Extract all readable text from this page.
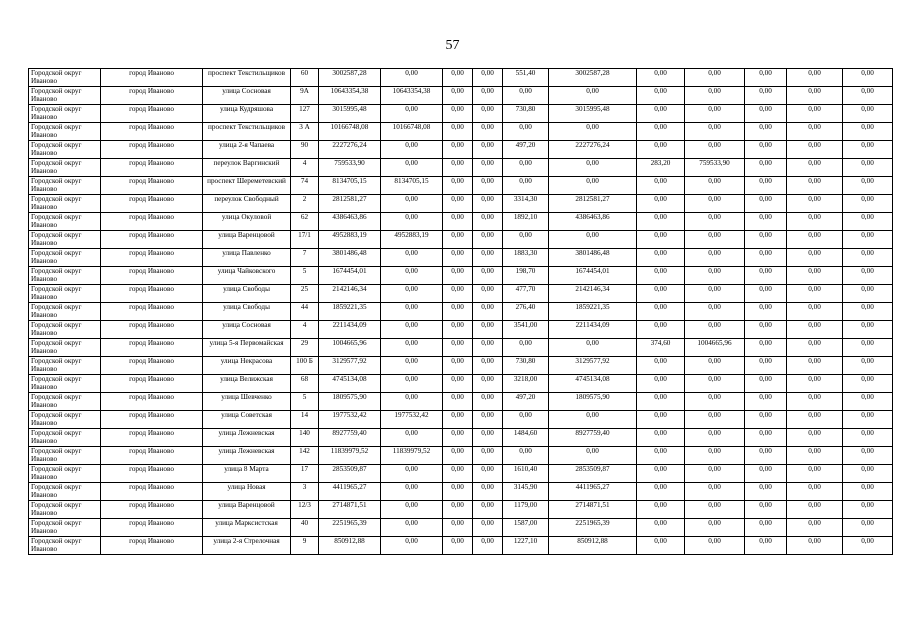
57
Городской округ Иваново	город Иваново	проспект Текстильщиков	60	3002587,28	0,00	0,00	0,00	551,40	3002587,28	0,00	0,00	0,00	0,00	0,00
Городской округ Иваново	город Иваново	улица Сосновая	9А	10643354,38	10643354,38	0,00	0,00	0,00	0,00	0,00	0,00	0,00	0,00	0,00
Городской округ Иваново	город Иваново	улица Кудряшова	127	3015995,48	0,00	0,00	0,00	730,80	3015995,48	0,00	0,00	0,00	0,00	0,00
Городской округ Иваново	город Иваново	проспект Текстильщиков	3 А	10166748,08	10166748,08	0,00	0,00	0,00	0,00	0,00	0,00	0,00	0,00	0,00
Городской округ Иваново	город Иваново	улица 2-я Чапаева	90	2227276,24	0,00	0,00	0,00	497,20	2227276,24	0,00	0,00	0,00	0,00	0,00
Городской округ Иваново	город Иваново	переулок Варгинский	4	759533,90	0,00	0,00	0,00	0,00	0,00	283,20	759533,90	0,00	0,00	0,00
Городской округ Иваново	город Иваново	проспект Шереметевский	74	8134705,15	8134705,15	0,00	0,00	0,00	0,00	0,00	0,00	0,00	0,00	0,00
Городской округ Иваново	город Иваново	переулок Свободный	2	2812581,27	0,00	0,00	0,00	3314,30	2812581,27	0,00	0,00	0,00	0,00	0,00
Городской округ Иваново	город Иваново	улица Окуловой	62	4386463,86	0,00	0,00	0,00	1892,10	4386463,86	0,00	0,00	0,00	0,00	0,00
Городской округ Иваново	город Иваново	улица Варенцовой	17/1	4952883,19	4952883,19	0,00	0,00	0,00	0,00	0,00	0,00	0,00	0,00	0,00
Городской округ Иваново	город Иваново	улица Павленко	7	3801486,48	0,00	0,00	0,00	1883,30	3801486,48	0,00	0,00	0,00	0,00	0,00
Городской округ Иваново	город Иваново	улица Чайковского	5	1674454,01	0,00	0,00	0,00	198,70	1674454,01	0,00	0,00	0,00	0,00	0,00
Городской округ Иваново	город Иваново	улица Свободы	25	2142146,34	0,00	0,00	0,00	477,70	2142146,34	0,00	0,00	0,00	0,00	0,00
Городской округ Иваново	город Иваново	улица Свободы	44	1859221,35	0,00	0,00	0,00	276,40	1859221,35	0,00	0,00	0,00	0,00	0,00
Городской округ Иваново	город Иваново	улица Сосновая	4	2211434,09	0,00	0,00	0,00	3541,00	2211434,09	0,00	0,00	0,00	0,00	0,00
Городской округ Иваново	город Иваново	улица 5-я Первомайская	29	1004665,96	0,00	0,00	0,00	0,00	0,00	374,60	1004665,96	0,00	0,00	0,00
Городской округ Иваново	город Иваново	улица Некрасова	100 Б	3129577,92	0,00	0,00	0,00	730,80	3129577,92	0,00	0,00	0,00	0,00	0,00
Городской округ Иваново	город Иваново	улица Велижская	68	4745134,08	0,00	0,00	0,00	3218,00	4745134,08	0,00	0,00	0,00	0,00	0,00
Городской округ Иваново	город Иваново	улица Шевченко	5	1809575,90	0,00	0,00	0,00	497,20	1809575,90	0,00	0,00	0,00	0,00	0,00
Городской округ Иваново	город Иваново	улица Советская	14	1977532,42	1977532,42	0,00	0,00	0,00	0,00	0,00	0,00	0,00	0,00	0,00
Городской округ Иваново	город Иваново	улица Лежневская	140	8927759,40	0,00	0,00	0,00	1484,60	8927759,40	0,00	0,00	0,00	0,00	0,00
Городской округ Иваново	город Иваново	улица Лежневская	142	11839979,52	11839979,52	0,00	0,00	0,00	0,00	0,00	0,00	0,00	0,00	0,00
Городской округ Иваново	город Иваново	улица 8 Марта	17	2853509,87	0,00	0,00	0,00	1610,40	2853509,87	0,00	0,00	0,00	0,00	0,00
Городской округ Иваново	город Иваново	улица Новая	3	4411965,27	0,00	0,00	0,00	3145,90	4411965,27	0,00	0,00	0,00	0,00	0,00
Городской округ Иваново	город Иваново	улица Варенцовой	12/3	2714871,51	0,00	0,00	0,00	1179,00	2714871,51	0,00	0,00	0,00	0,00	0,00
Городской округ Иваново	город Иваново	улица Марксистская	40	2251965,39	0,00	0,00	0,00	1587,00	2251965,39	0,00	0,00	0,00	0,00	0,00
Городской округ Иваново	город Иваново	улица 2-я Стрелочная	9	850912,88	0,00	0,00	0,00	1227,10	850912,88	0,00	0,00	0,00	0,00	0,00
